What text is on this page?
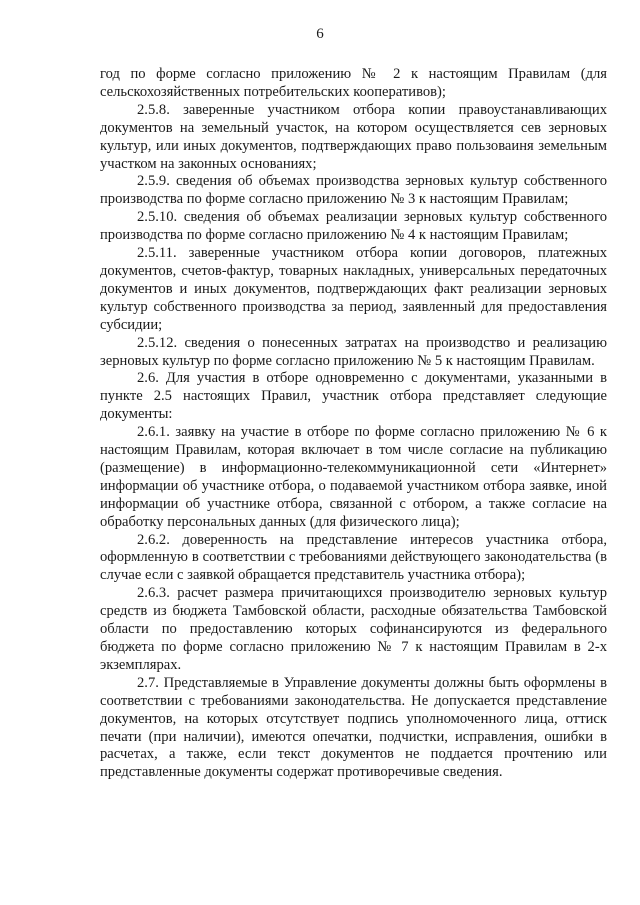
6

год по форме согласно приложению № 2 к настоящим Правилам (для сельскохозяйственных потребительских кооперативов);

2.5.8. заверенные участником отбора копии правоустанавливающих документов на земельный участок, на котором осуществляется сев зерновых культур, или иных документов, подтверждающих право пользоваиня земельным участком на законных основаниях;

2.5.9. сведения об объемах производства зерновых культур собственного производства по форме согласно приложению № 3 к настоящим Правилам;

2.5.10. сведения об объемах реализации зерновых культур собственного производства по форме согласно приложению № 4 к настоящим Правилам;

2.5.11. заверенные участником отбора копии договоров, платежных документов, счетов-фактур, товарных накладных, универсальных передаточных документов и иных документов, подтверждающих факт реализации зерновых культур собственного производства за период, заявленный для предоставления субсидии;

2.5.12. сведения о понесенных затратах на производство и реализацию зерновых культур по форме согласно приложению № 5 к настоящим Правилам.

2.6. Для участия в отборе одновременно с документами, указанными в пункте 2.5 настоящих Правил, участник отбора представляет следующие документы:

2.6.1. заявку на участие в отборе по форме согласно приложению № 6 к настоящим Правилам, которая включает в том числе согласие на публикацию (размещение) в информационно-телекоммуникационной сети «Интернет» информации об участнике отбора, о подаваемой участником отбора заявке, иной информации об участнике отбора, связанной с отбором, а также согласие на обработку персональных данных (для физического лица);

2.6.2. доверенность на представление интересов участника отбора, оформленную в соответствии с требованиями действующего законодательства (в случае если с заявкой обращается представитель участника отбора);

2.6.3. расчет размера причитающихся производителю зерновых культур средств из бюджета Тамбовской области, расходные обязательства Тамбовской области по предоставлению которых софинансируются из федерального бюджета по форме согласно приложению № 7 к настоящим Правилам в 2-х экземплярах.

2.7. Представляемые в Управление документы должны быть оформлены в соответствии с требованиями законодательства. Не допускается представление документов, на которых отсутствует подпись уполномоченного лица, оттиск печати (при наличии), имеются опечатки, подчистки, исправления, ошибки в расчетах, а также, если текст документов не поддается прочтению или представленные документы содержат противоречивые сведения.
